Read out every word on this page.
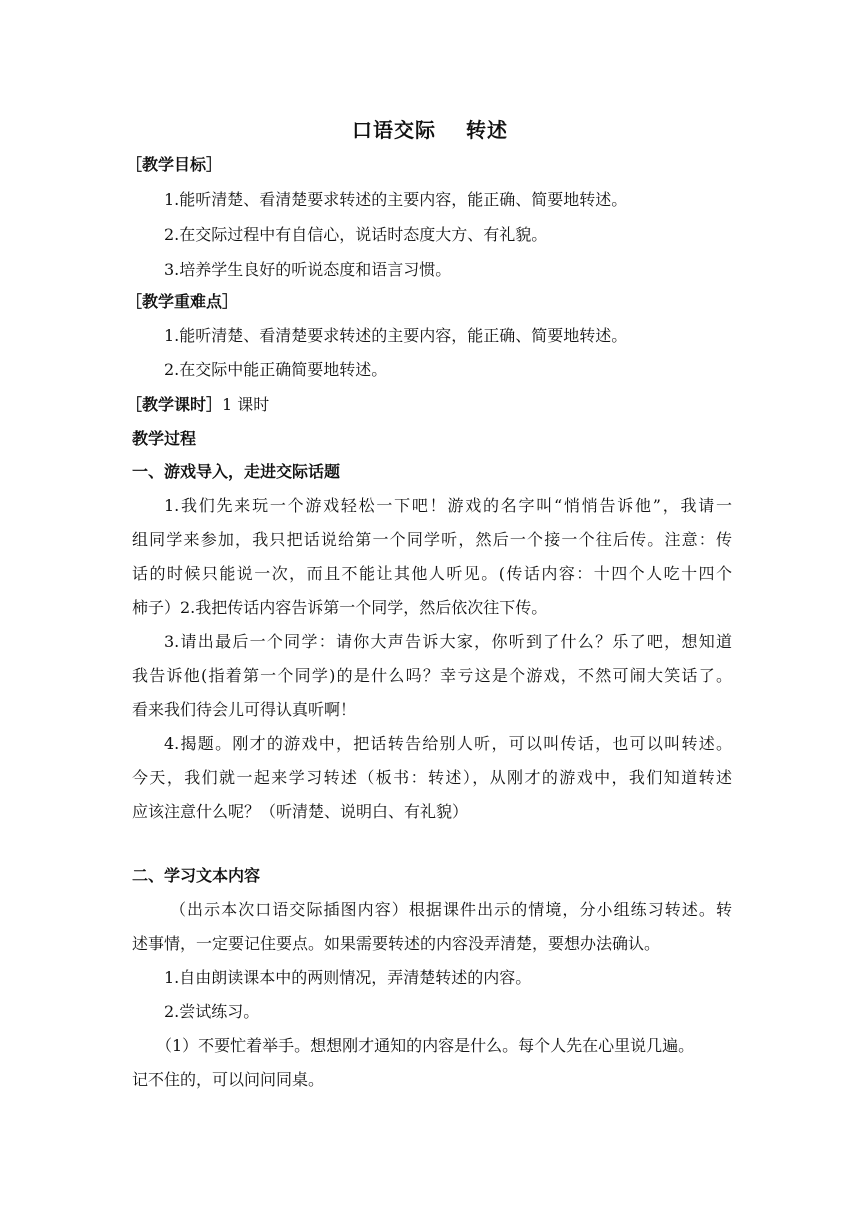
口语交际 转述
［教学目标］
1.能听清楚、看清楚要求转述的主要内容，能正确、简要地转述。
2.在交际过程中有自信心，说话时态度大方、有礼貌。
3.培养学生良好的听说态度和语言习惯。
［教学重难点］
1.能听清楚、看清楚要求转述的主要内容，能正确、简要地转述。
2.在交际中能正确简要地转述。
［教学课时］1 课时
教学过程
一、游戏导入，走进交际话题
1.我们先来玩一个游戏轻松一下吧！游戏的名字叫“悄悄告诉他”，我请一
组同学来参加，我只把话说给第一个同学听，然后一个接一个往后传。注意：传
话的时候只能说一次，而且不能让其他人听见。(传话内容：十四个人吃十四个
柿子）2.我把传话内容告诉第一个同学，然后依次往下传。
3.请出最后一个同学：请你大声告诉大家，你听到了什么？乐了吧，想知道
我告诉他(指着第一个同学)的是什么吗？幸亏这是个游戏，不然可闹大笑话了。
看来我们待会儿可得认真听啊！
4.揭题。刚才的游戏中，把话转告给别人听，可以叫传话，也可以叫转述。
今天，我们就一起来学习转述（板书：转述），从刚才的游戏中，我们知道转述
应该注意什么呢？（听清楚、说明白、有礼貌）
二、学习文本内容
（出示本次口语交际插图内容）根据课件出示的情境，分小组练习转述。转
述事情，一定要记住要点。如果需要转述的内容没弄清楚，要想办法确认。
1.自由朗读课本中的两则情况，弄清楚转述的内容。
2.尝试练习。
（1）不要忙着举手。想想刚才通知的内容是什么。每个人先在心里说几遍。
记不住的，可以问问同桌。
